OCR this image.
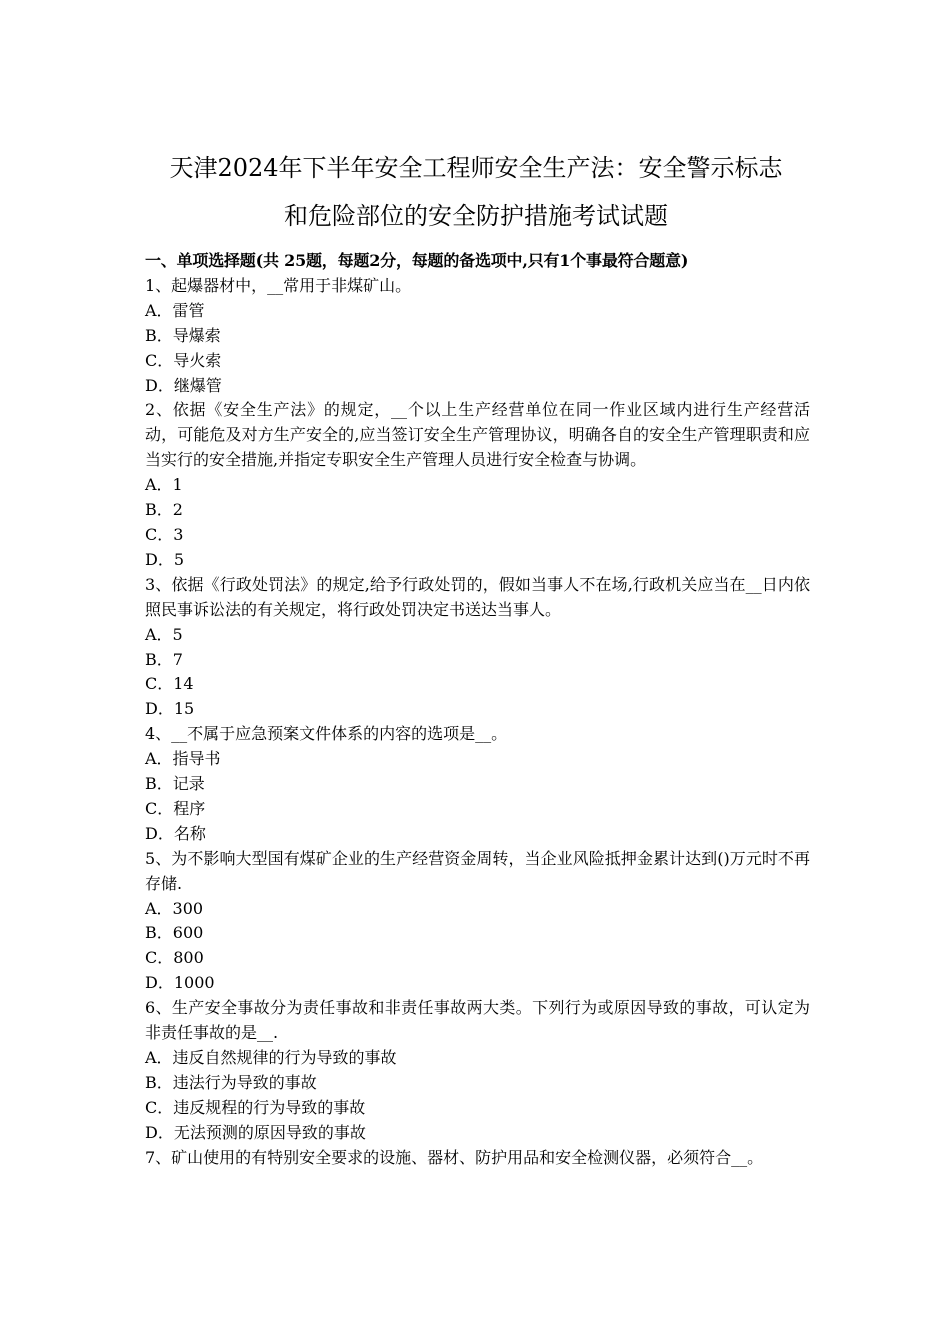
天津2024年下半年安全工程师安全生产法：安全警示标志
和危险部位的安全防护措施考试试题
一、单项选择题(共 25题，每题2分，每题的备选项中,只有1个事最符合题意)
1、起爆器材中，__常用于非煤矿山。
A．雷管
B．导爆索
C．导火索
D．继爆管
2、依据《安全生产法》的规定，__个以上生产经营单位在同一作业区域内进行生产经营活动，可能危及对方生产安全的,应当签订安全生产管理协议，明确各自的安全生产管理职责和应当实行的安全措施,并指定专职安全生产管理人员进行安全检查与协调。
A．1
B．2
C．3
D．5
3、依据《行政处罚法》的规定,给予行政处罚的，假如当事人不在场,行政机关应当在__日内依照民事诉讼法的有关规定，将行政处罚决定书送达当事人。
A．5
B．7
C．14
D．15
4、__不属于应急预案文件体系的内容的选项是__。
A．指导书
B．记录
C．程序
D．名称
5、为不影响大型国有煤矿企业的生产经营资金周转，当企业风险抵押金累计达到()万元时不再存储.
A．300
B．600
C．800
D．1000
6、生产安全事故分为责任事故和非责任事故两大类。下列行为或原因导致的事故，可认定为非责任事故的是__.
A．违反自然规律的行为导致的事故
B．违法行为导致的事故
C．违反规程的行为导致的事故
D．无法预测的原因导致的事故
7、矿山使用的有特别安全要求的设施、器材、防护用品和安全检测仪器，必须符合__。
